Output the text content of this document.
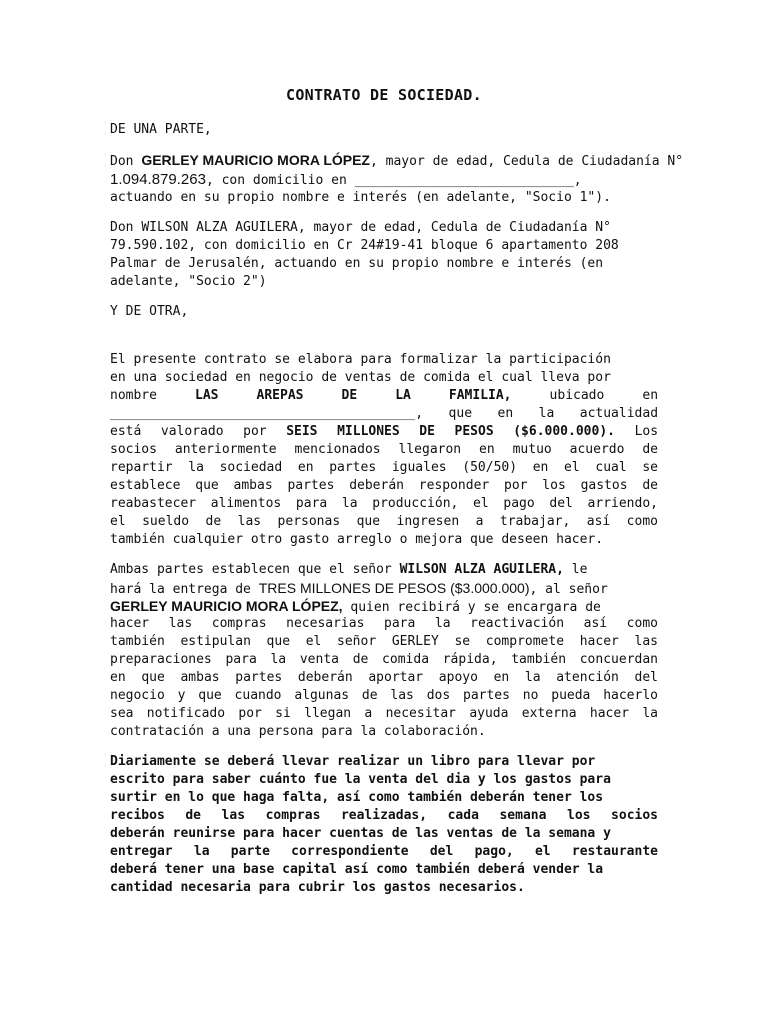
CONTRATO DE SOCIEDAD.
DE UNA PARTE,
Don GERLEY MAURICIO MORA LÓPEZ, mayor de edad, Cedula de Ciudadanía N°
1.094.879.263, con domicilio en ____________________________,
actuando en su propio nombre e interés (en adelante, "Socio 1").
Don WILSON ALZA AGUILERA, mayor de edad, Cedula de Ciudadanía N°
79.590.102, con domicilio en Cr 24#19-41 bloque 6 apartamento 208
Palmar de Jerusalén, actuando en su propio nombre e interés (en
adelante, "Socio 2")
Y DE OTRA,
El presente contrato se elabora para formalizar la participación
en una sociedad en negocio de ventas de comida el cual lleva por
nombre	LAS	AREPAS	DE	LA	FAMILIA,	ubicado	en
_______________________________________, que en la actualidad
está valorado por SEIS MILLONES DE PESOS ($6.000.000). Los
socios anteriormente mencionados llegaron en mutuo acuerdo de
repartir la sociedad en partes iguales (50/50) en el cual se
establece que ambas partes deberán responder por los gastos de
reabastecer alimentos para la producción, el pago del arriendo,
el sueldo de las personas que ingresen a trabajar, así como
también cualquier otro gasto arreglo o mejora que deseen hacer.
Ambas partes establecen que el señor WILSON ALZA AGUILERA, le
hará la entrega de TRES MILLONES DE PESOS ($3.000.000), al señor
GERLEY MAURICIO MORA LÓPEZ, quien recibirá y se encargara de
hacer las compras necesarias para la reactivación así como
también estipulan que el señor GERLEY se compromete hacer las
preparaciones para la venta de comida rápida, también concuerdan
en que ambas partes deberán aportar apoyo en la atención del
negocio y que cuando algunas de las dos partes no pueda hacerlo
sea notificado por si llegan a necesitar ayuda externa hacer la
contratación a una persona para la colaboración.
Diariamente se deberá llevar realizar un libro para llevar por
escrito para saber cuánto fue la venta del dia y los gastos para
surtir en lo que haga falta, así como también deberán tener los
recibos de las compras realizadas, cada semana los socios
deberán reunirse para hacer cuentas de las ventas de la semana y
entregar la parte correspondiente del pago, el restaurante
deberá tener una base capital así como también deberá vender la
cantidad necesaria para cubrir los gastos necesarios.
